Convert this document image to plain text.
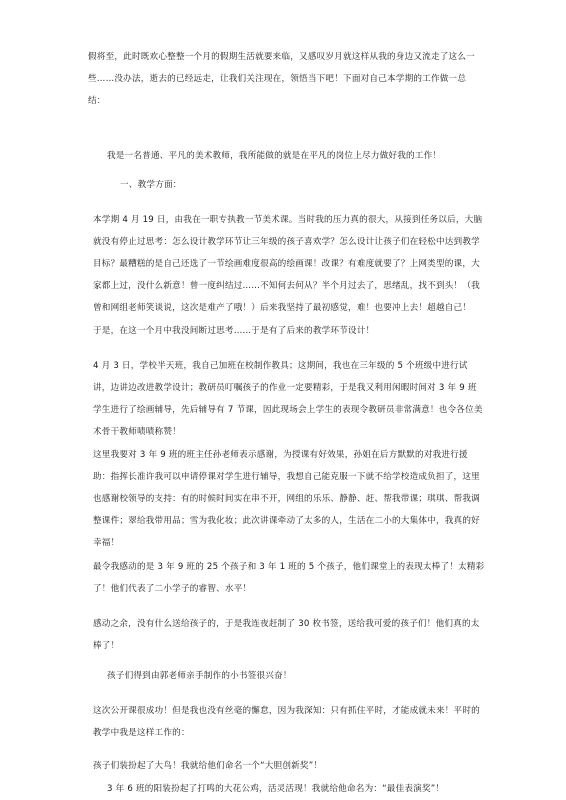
假将至，此时既欢心整整一个月的假期生活就要来临，又感叹岁月就这样从我的身边又流走了这么一些……没办法，逝去的已经远走，让我们关注现在，领悟当下吧！下面对自己本学期的工作做一总结：

我是一名普通、平凡的美术教师，我所能做的就是在平凡的岗位上尽力做好我的工作！

一、教学方面：

本学期 4 月 19 日，由我在一职专执教一节美术课。当时我的压力真的很大，从接到任务以后，大脑就没有停止过思考：怎么设计教学环节让三年级的孩子喜欢学？怎么设计让孩子们在轻松中达到教学目标？最糟糕的是自己还选了一节绘画难度很高的绘画课！改课？有难度就要了？上网类型的课，大家都上过，没什么新意！曾一度纠结过……不知何去何从？半个月过去了，思绪乱，找不到头！（我曾和网组老师笑谈说，这次是难产了哦！）后来我坚持了最初感觉，难！也要冲上去！超越自己！

于是，在这一个月中我没间断过思考……于是有了后来的教学环节设计！

4 月 3 日，学校半天班，我自己加班在校制作教具；这期间，我也在三年级的 5 个班级中进行试讲，边讲边改进教学设计；教研员叮嘱孩子的作业一定要精彩，于是我又利用闲暇时间对 3 年 9 班学生进行了绘画辅导，先后辅导有 7 节课，因此现场会上学生的表现令教研员非常满意！也令各位美术骨干教师啧啧称赞！

这里我要对 3 年 9 班的班主任孙老师表示感谢，为授课有好效果，孙姐在后方默默的对我进行援助：指挥长准许我可以申请停课对学生进行辅导，我想自己能克服一下就不给学校造成负担了，这里也感谢校领导的支持：有的时候时间实在串不开，网组的乐乐、静静、赶、帮我带课；琪琪、帮我调整课件；翠给我带用品；雪为我化妆；此次讲课牵动了太多的人，生活在二小的大集体中，我真的好幸福！

最令我感动的是 3 年 9 班的 25 个孩子和 3 年 1 班的 5 个孩子，他们课堂上的表现太棒了！太精彩了！他们代表了二小学子的睿智、水平！

感动之余，没有什么送给孩子的，于是我连夜赶制了 30 枚书签，送给我可爱的孩子们！他们真的太棒了！

孩子们得到由郭老师亲手制作的小书签很兴奋！

这次公开课很成功！但是我也没有丝毫的懈怠，因为我深知：只有抓住平时，才能成就未来！平时的教学中我是这样工作的：

孩子们装扮起了大鸟！我就给他们命名一个“大胆创新奖”！

3 年 6 班的阳装扮起了打鸣的大花公鸡，活灵活现！我就给他命名为：“最佳表演奖”！
